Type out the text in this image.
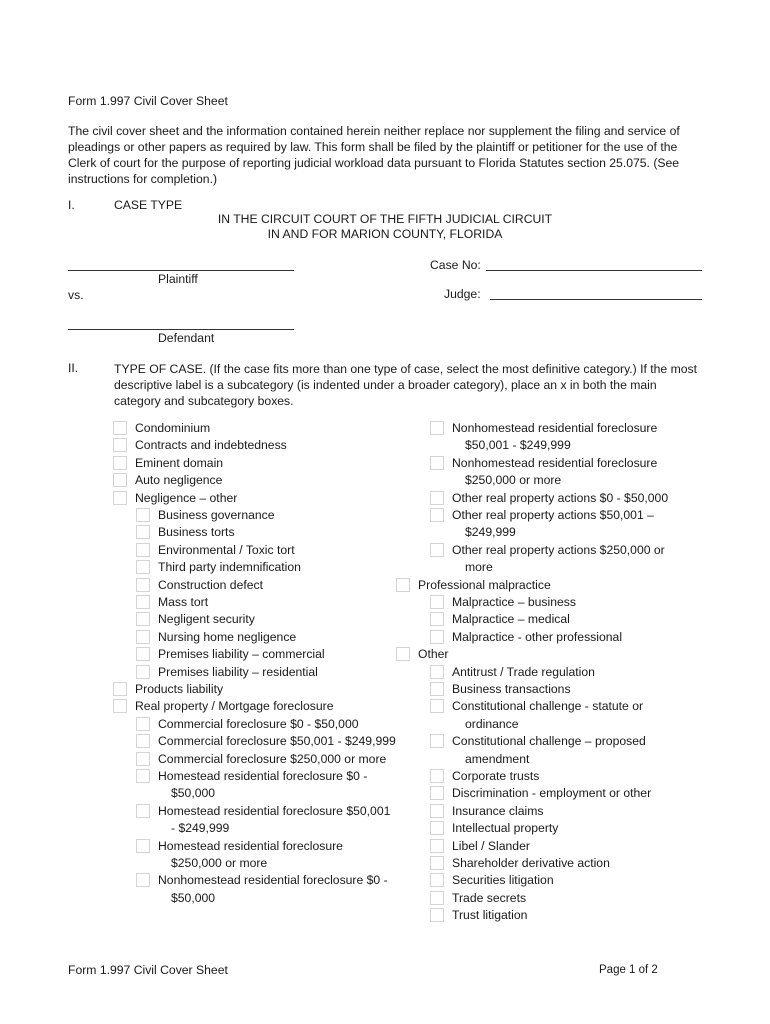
Form 1.997 Civil Cover Sheet
The civil cover sheet and the information contained herein neither replace nor supplement the filing and service of pleadings or other papers as required by law. This form shall be filed by the plaintiff or petitioner for the use of the Clerk of court for the purpose of reporting judicial workload data pursuant to Florida Statutes section 25.075. (See instructions for completion.)
I.	CASE TYPE
IN THE CIRCUIT COURT OF THE FIFTH JUDICIAL CIRCUIT
IN AND FOR MARION COUNTY, FLORIDA
Plaintiff
vs.
Case No:
Judge:
Defendant
II.	TYPE OF CASE. (If the case fits more than one type of case, select the most definitive category.) If the most descriptive label is a subcategory (is indented under a broader category), place an x in both the main category and subcategory boxes.
Condominium
Contracts and indebtedness
Eminent domain
Auto negligence
Negligence – other
Business governance
Business torts
Environmental / Toxic tort
Third party indemnification
Construction defect
Mass tort
Negligent security
Nursing home negligence
Premises liability – commercial
Premises liability – residential
Products liability
Real property / Mortgage foreclosure
Commercial foreclosure $0 - $50,000
Commercial foreclosure $50,001 - $249,999
Commercial foreclosure $250,000 or more
Homestead residential foreclosure $0 -
$50,000
Homestead residential foreclosure $50,001
- $249,999
Homestead residential foreclosure
$250,000 or more
Nonhomestead residential foreclosure $0 -
$50,000
Nonhomestead residential foreclosure
$50,001 - $249,999
Nonhomestead residential foreclosure
$250,000 or more
Other real property actions $0 - $50,000
Other real property actions $50,001 –
$249,999
Other real property actions $250,000 or
more
Professional malpractice
Malpractice – business
Malpractice – medical
Malpractice - other professional
Other
Antitrust / Trade regulation
Business transactions
Constitutional challenge - statute or
ordinance
Constitutional challenge – proposed
amendment
Corporate trusts
Discrimination - employment or other
Insurance claims
Intellectual property
Libel / Slander
Shareholder derivative action
Securities litigation
Trade secrets
Trust litigation
Form 1.997 Civil Cover Sheet	Page 1 of 2
